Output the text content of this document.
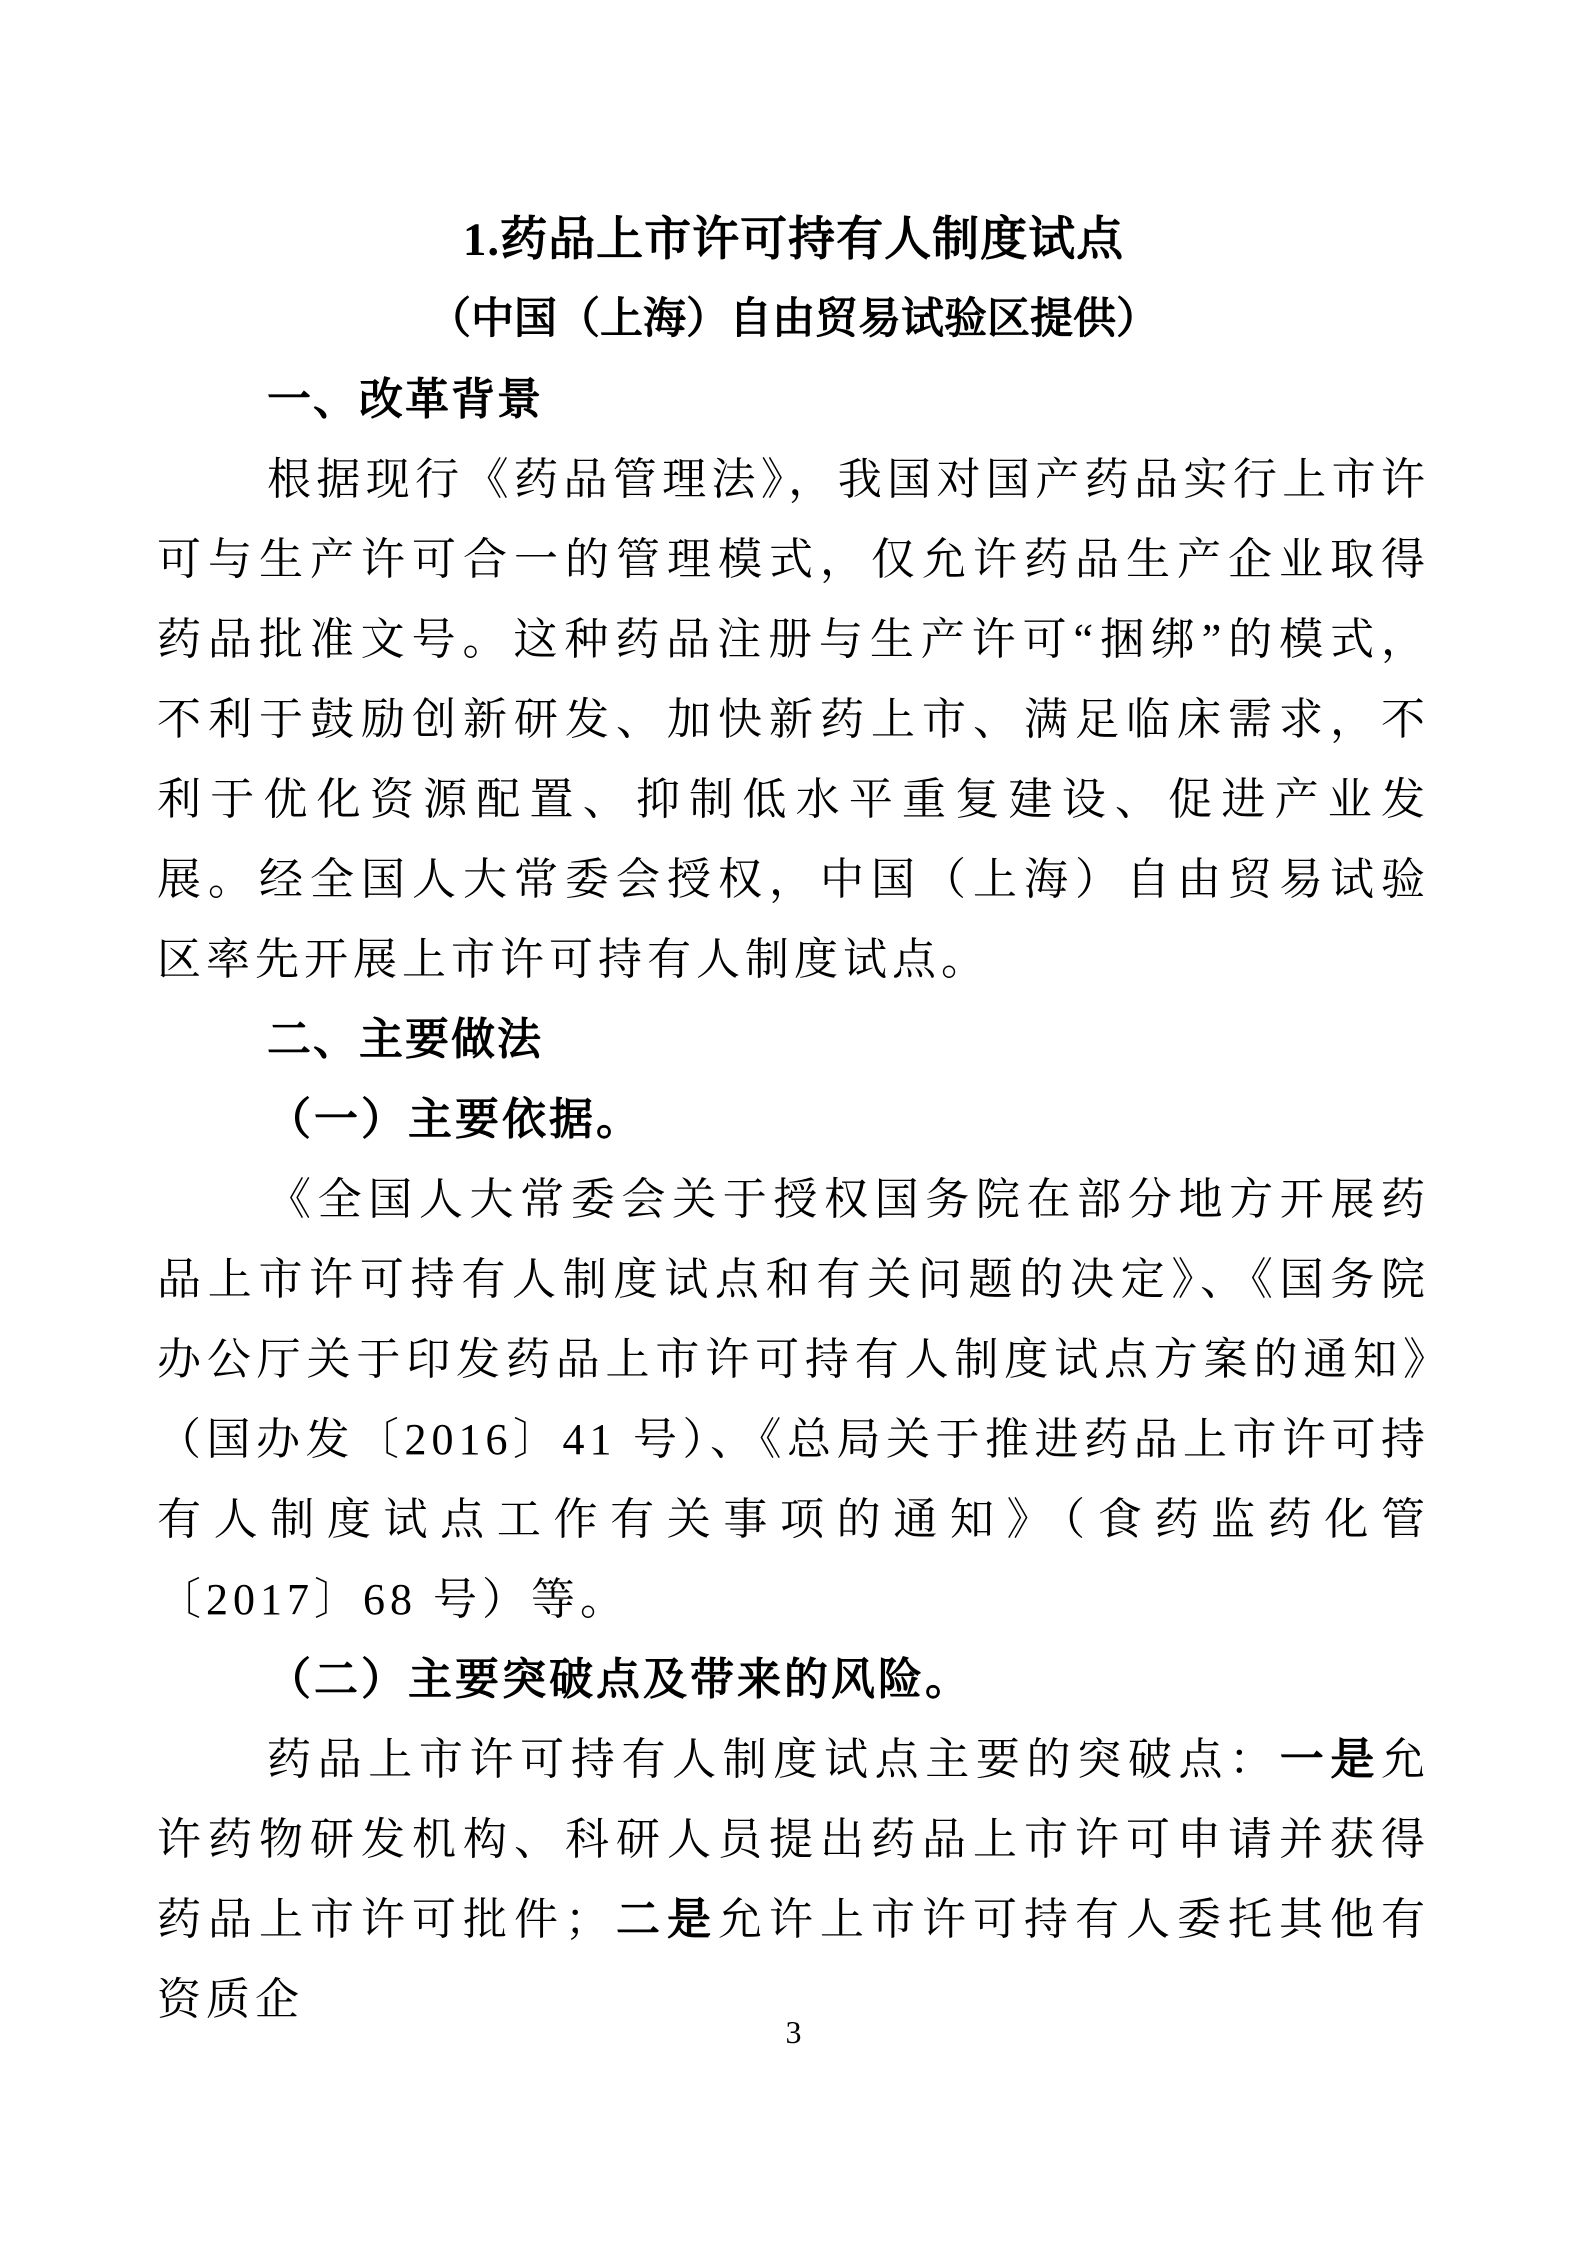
1.药品上市许可持有人制度试点
（中国（上海）自由贸易试验区提供）
一、改革背景

根据现行《药品管理法》，我国对国产药品实行上市许可与生产许可合一的管理模式，仅允许药品生产企业取得药品批准文号。这种药品注册与生产许可“捆绑”的模式，不利于鼓励创新研发、加快新药上市、满足临床需求，不利于优化资源配置、抑制低水平重复建设、促进产业发展。经全国人大常委会授权，中国（上海）自由贸易试验区率先开展上市许可持有人制度试点。

二、主要做法
（一）主要依据。

《全国人大常委会关于授权国务院在部分地方开展药品上市许可持有人制度试点和有关问题的决定》、《国务院办公厅关于印发药品上市许可持有人制度试点方案的通知》（国办发〔2016〕41 号）、《总局关于推进药品上市许可持有人制度试点工作有关事项的通知》（食药监药化管〔2017〕68 号）等。

（二）主要突破点及带来的风险。

药品上市许可持有人制度试点主要的突破点：一是允许药物研发机构、科研人员提出药品上市许可申请并获得药品上市许可批件；二是允许上市许可持有人委托其他有资质企

3
